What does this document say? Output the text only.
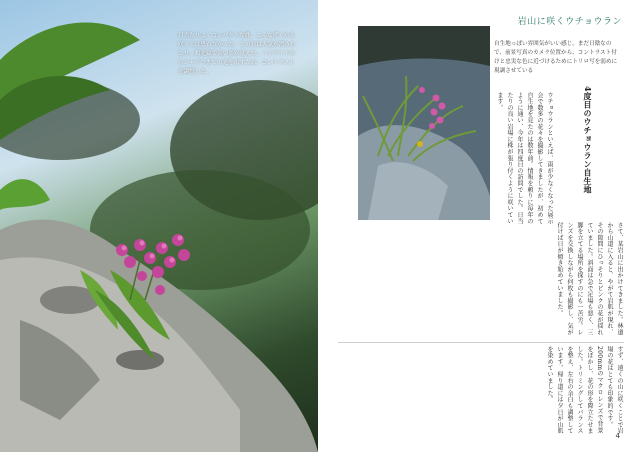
目当たりよくコンパクトな株、こんな近くから咲くとは思わなかった。この日は大気が澄みわたり、順光線で高い影が見えた。ハイライトからシャドウまでの光を出すため、コントラストを調整した。
岩山に咲くウチョウラン
自生地っぽい雰囲気がいい感じ。まだ日陰なので、前景写真のカメラ位置から、コントラスト付けと忠実な色に近づけるためにトリロ写を弱めに現調させている
4度目のウチョウラン自生地
ウチョウランといえば、雨が少なくなった展示会で数多の花々を撮影してきましたが、初めて自生地を見たのは数年前。情報を頼りに毎年のように通い、今年は四度目の訪問でした。日当たりの良い岩場に株が張り付くように咲いています。
さて、某岩山に出かけてきました。林道から山道に入ると、やがて岩肌が現れ、その隙間にひっそりとピンクの花が揺れていました。斜面は急で足場も悪く、三脚を立てる場所を探すのにも一苦労。レンズを交換しながら何枚も撮影し、気が付けば日が傾き始めていました。
すず、遠くの山に咲くことで岩場の花はとても印象的です。200mmのマクロレンズで背景をぼかし、花の形を際立たせました。トリミングしてバランスを整え、左右の余白も調整しています。帰り道には夕日が山肌を染めていました。
4
